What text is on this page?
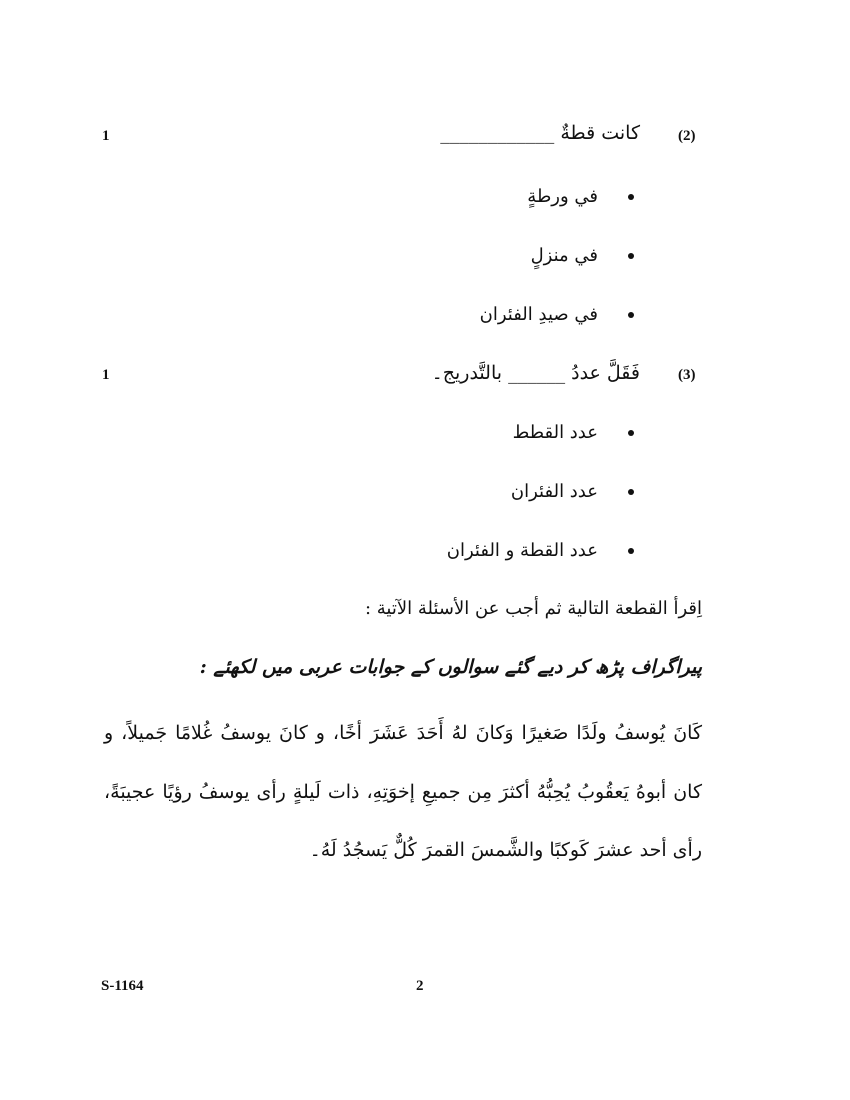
1	كانت قطةٌ ____________	(2)
في ورطةٍ
في منزلٍ
في صيدِ الفئران
1	فَقَلَّ عددُ ______ بالتَّدريج۔	(3)
عدد القطط
عدد الفئران
عدد القطة و الفئران
اِقرأ القطعة التالية ثم أجب عن الأسئلة الآتية :
پیراگراف پڑھ کر دیے گئے سوالوں کے جوابات عربی میں لکھئے :
كَانَ يُوسفُ ولَدًا صَغيرًا وَكانَ لهُ أَحَدَ عَشَرَ أخًا، و كانَ يوسفُ غُلامًا جَميلاً، و كان أبوهُ يَعقُوبُ يُحِبُّهُ أكثرَ مِن جميعِ إخوَتِهِ، ذات لَيلةٍ رأى يوسفُ رؤيًا عجيبَةً، رأى أحد عشرَ كَوكبًا والشَّمسَ القمرَ كُلٌّ يَسجُدُ لَهُ۔
S-1164	2
